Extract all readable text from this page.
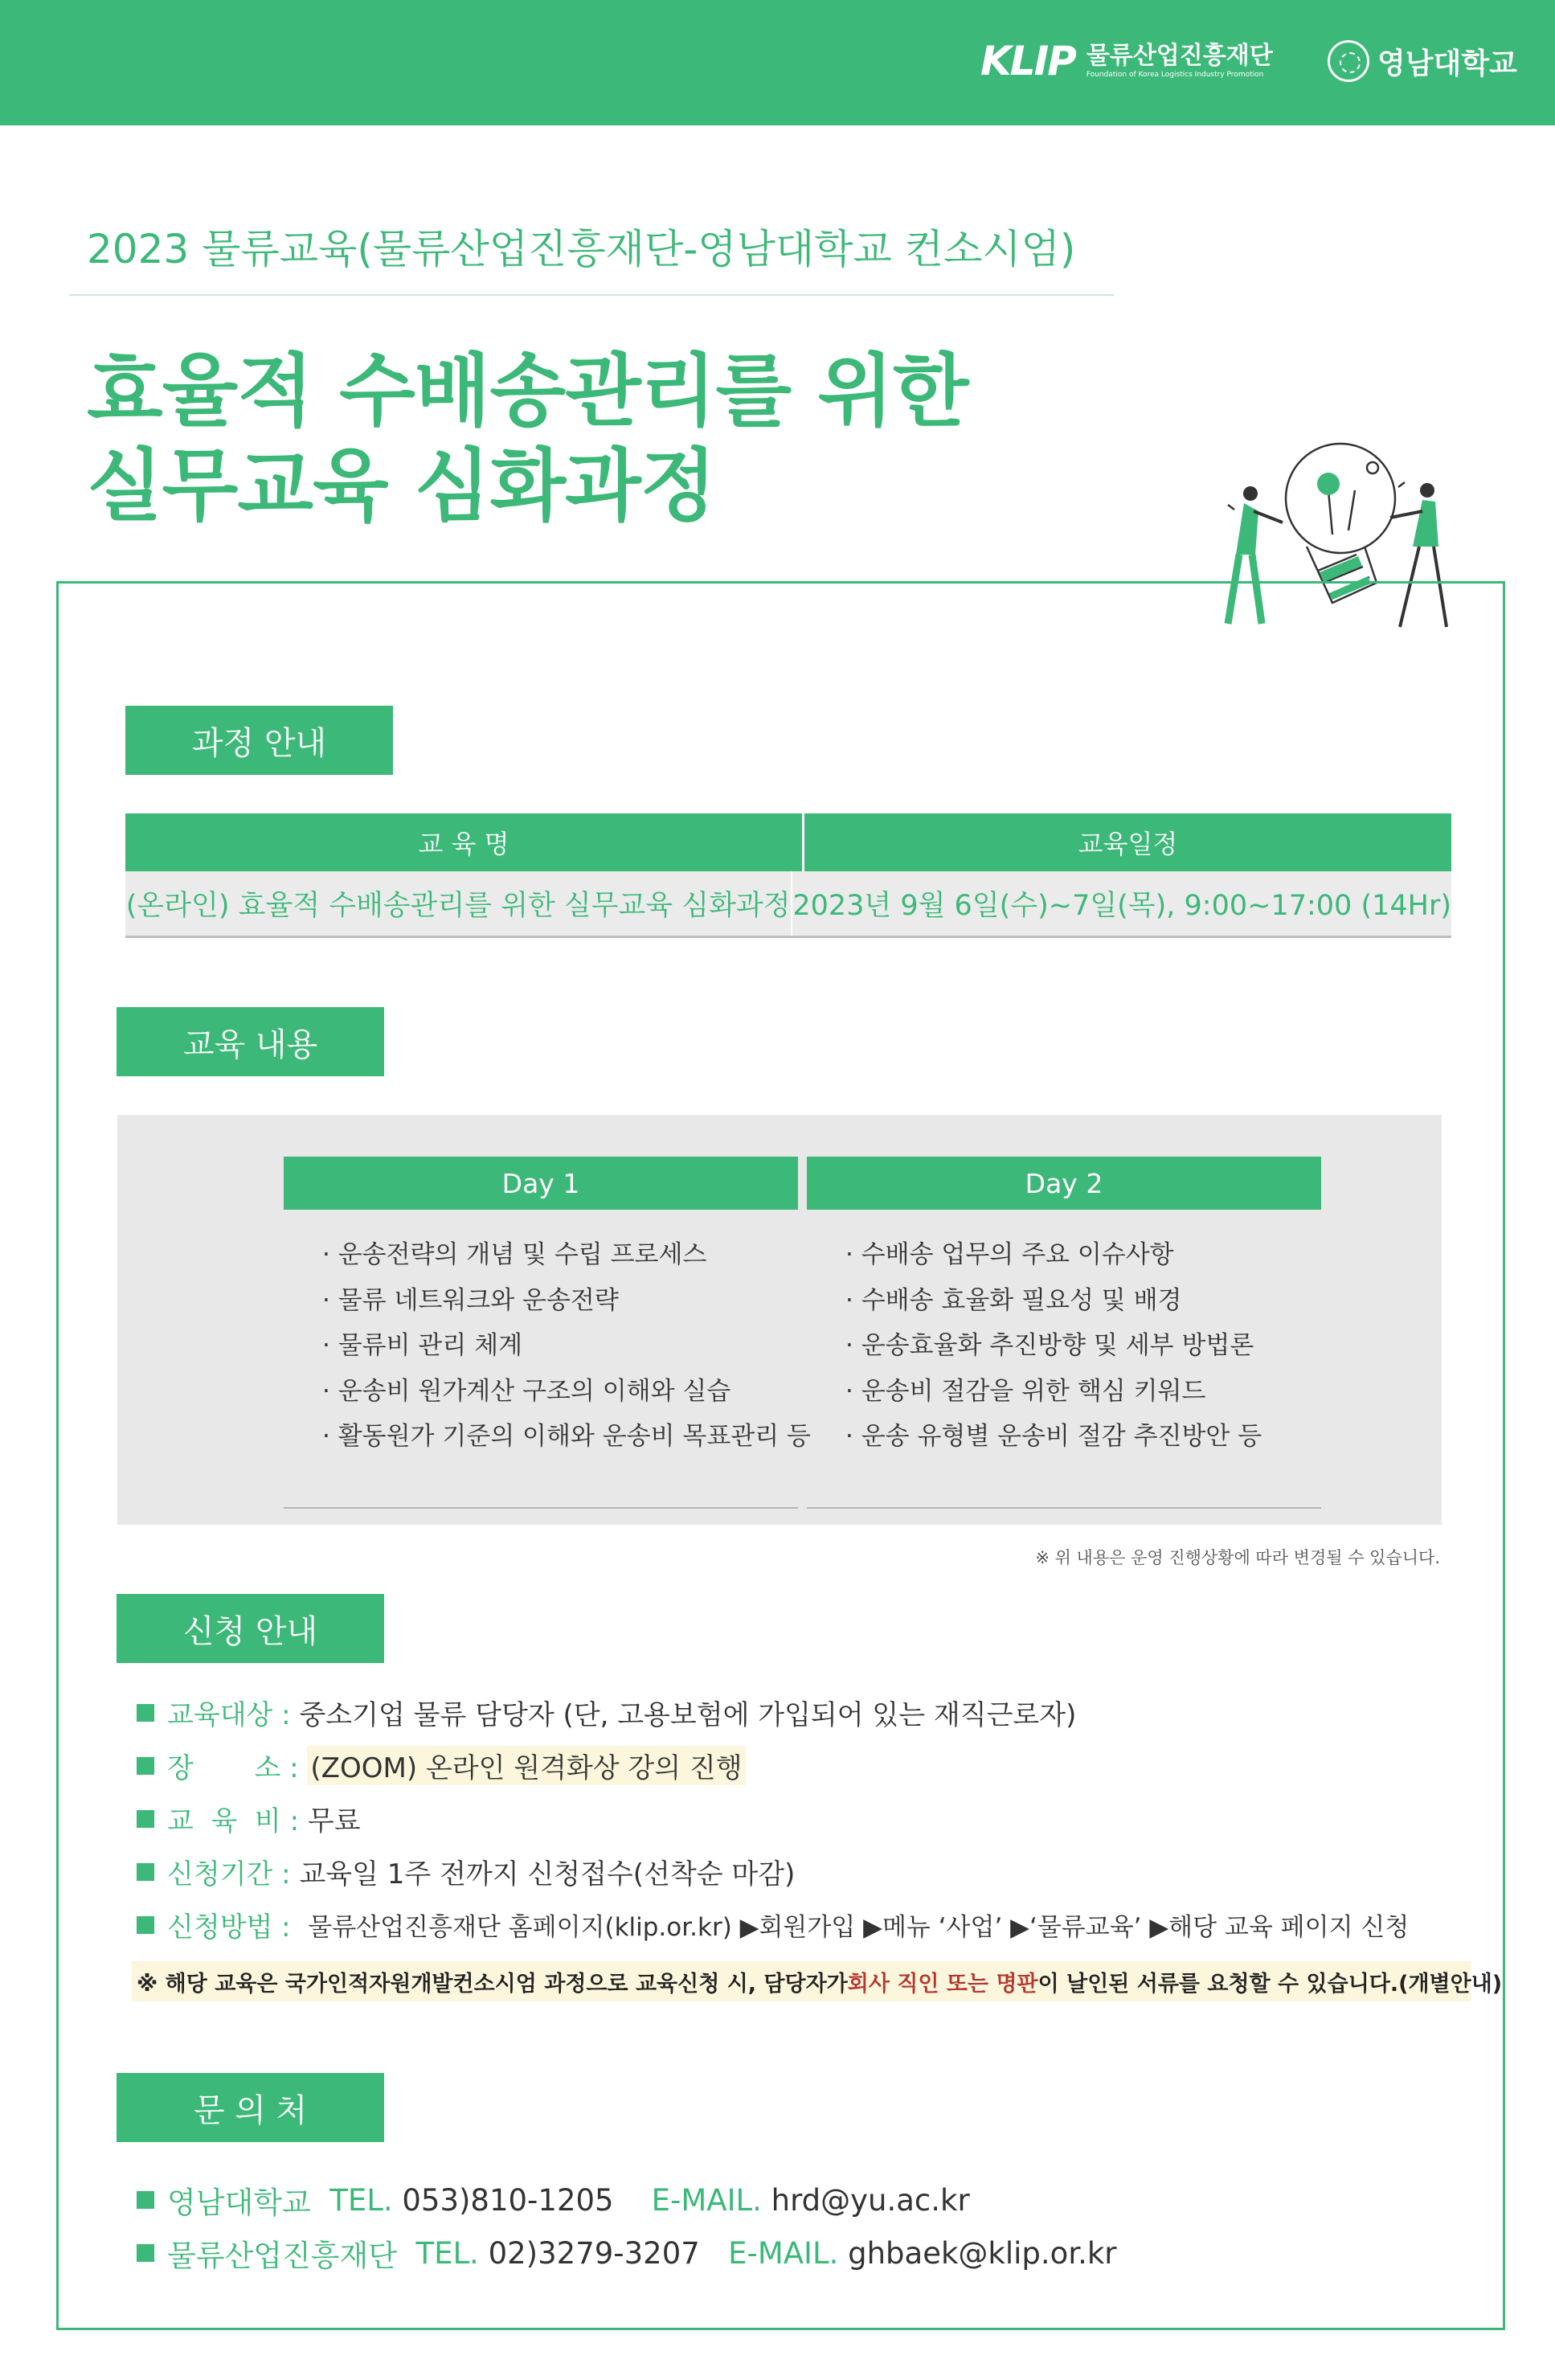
KLIP 물류산업진흥재단
Foundation of Korea Logistics Industry Promotion	영남대학교
2023 물류교육(물류산업진흥재단-영남대학교 컨소시엄)
효율적 수배송관리를 위한
실무교육 심화과정
과정 안내
교 육 명	교육일정
(온라인) 효율적 수배송관리를 위한 실무교육 심화과정 2023년 9월 6일(수)~7일(목), 9:00~17:00 (14Hr)
교육 내용
Day 1
· 운송전략의 개념 및 수립 프로세스
· 물류 네트워크와 운송전략
· 물류비 관리 체계
· 운송비 원가계산 구조의 이해와 실습
· 활동원가 기준의 이해와 운송비 목표관리 등
Day 2
· 수배송 업무의 주요 이슈사항
· 수배송 효율화 필요성 및 배경
· 운송효율화 추진방향 및 세부 방법론
· 운송비 절감을 위한 핵심 키워드
· 운송 유형별 운송비 절감 추진방안 등
※ 위 내용은 운영 진행상황에 따라 변경될 수 있습니다.
신청 안내
교육대상 :
중소기업 물류 담당자 (단, 고용보험에 가입되어 있는 재직근로자)
장       소 :
(ZOOM) 온라인 원격화상 강의 진행
교  육  비 :
무료
신청기간 :
교육일 1주 전까지 신청접수(선착순 마감)
신청방법 :
물류산업진흥재단 홈페이지(klip.or.kr) ▶회원가입 ▶메뉴 ‘사업’ ▶‘물류교육’ ▶해당 교육 페이지 신청
※ 해당 교육은 국가인적자원개발컨소시엄 과정으로 교육신청 시, 담당자가 회사 직인 또는 명판 이 날인된 서류를 요청할 수 있습니다.(개별안내)
문 의 처
영남대학교
TEL.
053)810-1205
E-MAIL.
hrd@yu.ac.kr
물류산업진흥재단
TEL.
02)3279-3207
E-MAIL.
ghbaek@klip.or.kr
